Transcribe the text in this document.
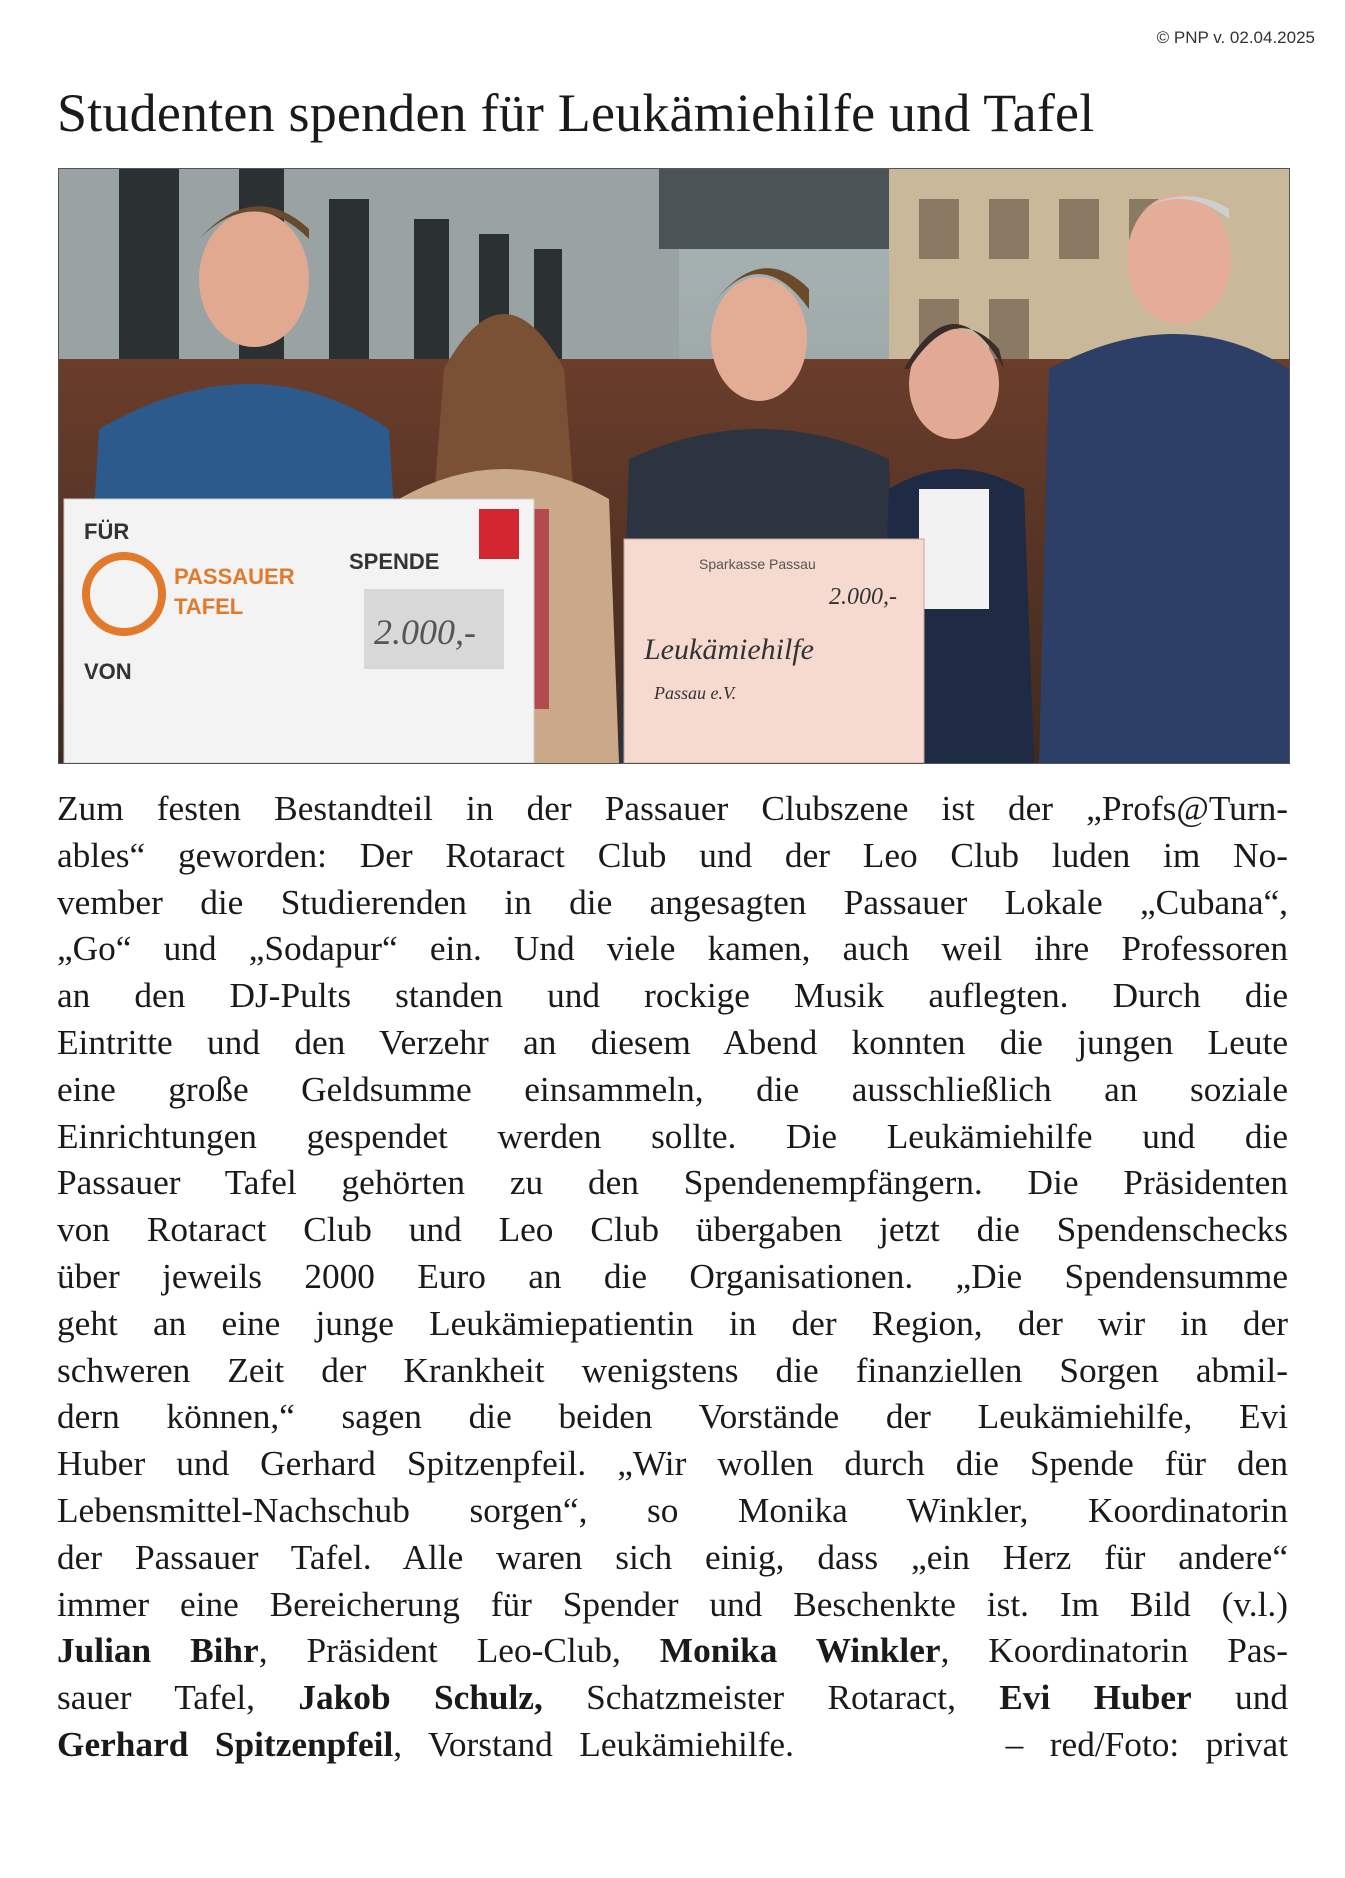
© PNP v. 02.04.2025
Studenten spenden für Leukämiehilfe und Tafel
FÜR
PASSAUER
TAFEL
SPENDE
2.000,-
VON
Sparkasse Passau
2.000,-
Leukämiehilfe
Passau e.V.
Zum festen Bestandteil in der Passauer Clubszene ist der „Profs@Turn-
ables“ geworden: Der Rotaract Club und der Leo Club luden im No-
vember die Studierenden in die angesagten Passauer Lokale „Cubana“,
„Go“ und „Sodapur“ ein. Und viele kamen, auch weil ihre Professoren
an den DJ-Pults standen und rockige Musik auflegten. Durch die
Eintritte und den Verzehr an diesem Abend konnten die jungen Leute
eine große Geldsumme einsammeln, die ausschließlich an soziale
Einrichtungen gespendet werden sollte. Die Leukämiehilfe und die
Passauer Tafel gehörten zu den Spendenempfängern. Die Präsidenten
von Rotaract Club und Leo Club übergaben jetzt die Spendenschecks
über jeweils 2000 Euro an die Organisationen. „Die Spendensumme
geht an eine junge Leukämiepatientin in der Region, der wir in der
schweren Zeit der Krankheit wenigstens die finanziellen Sorgen abmil-
dern können,“ sagen die beiden Vorstände der Leukämiehilfe, Evi
Huber und Gerhard Spitzenpfeil. „Wir wollen durch die Spende für den
Lebensmittel-Nachschub sorgen“, so Monika Winkler, Koordinatorin
der Passauer Tafel. Alle waren sich einig, dass „ein Herz für andere“
immer eine Bereicherung für Spender und Beschenkte ist. Im Bild (v.l.)
Julian Bihr, Präsident Leo-Club, Monika Winkler, Koordinatorin Pas-
sauer Tafel, Jakob Schulz, Schatzmeister Rotaract, Evi Huber und
Gerhard Spitzenpfeil, Vorstand Leukämiehilfe.        – red/Foto: privat
